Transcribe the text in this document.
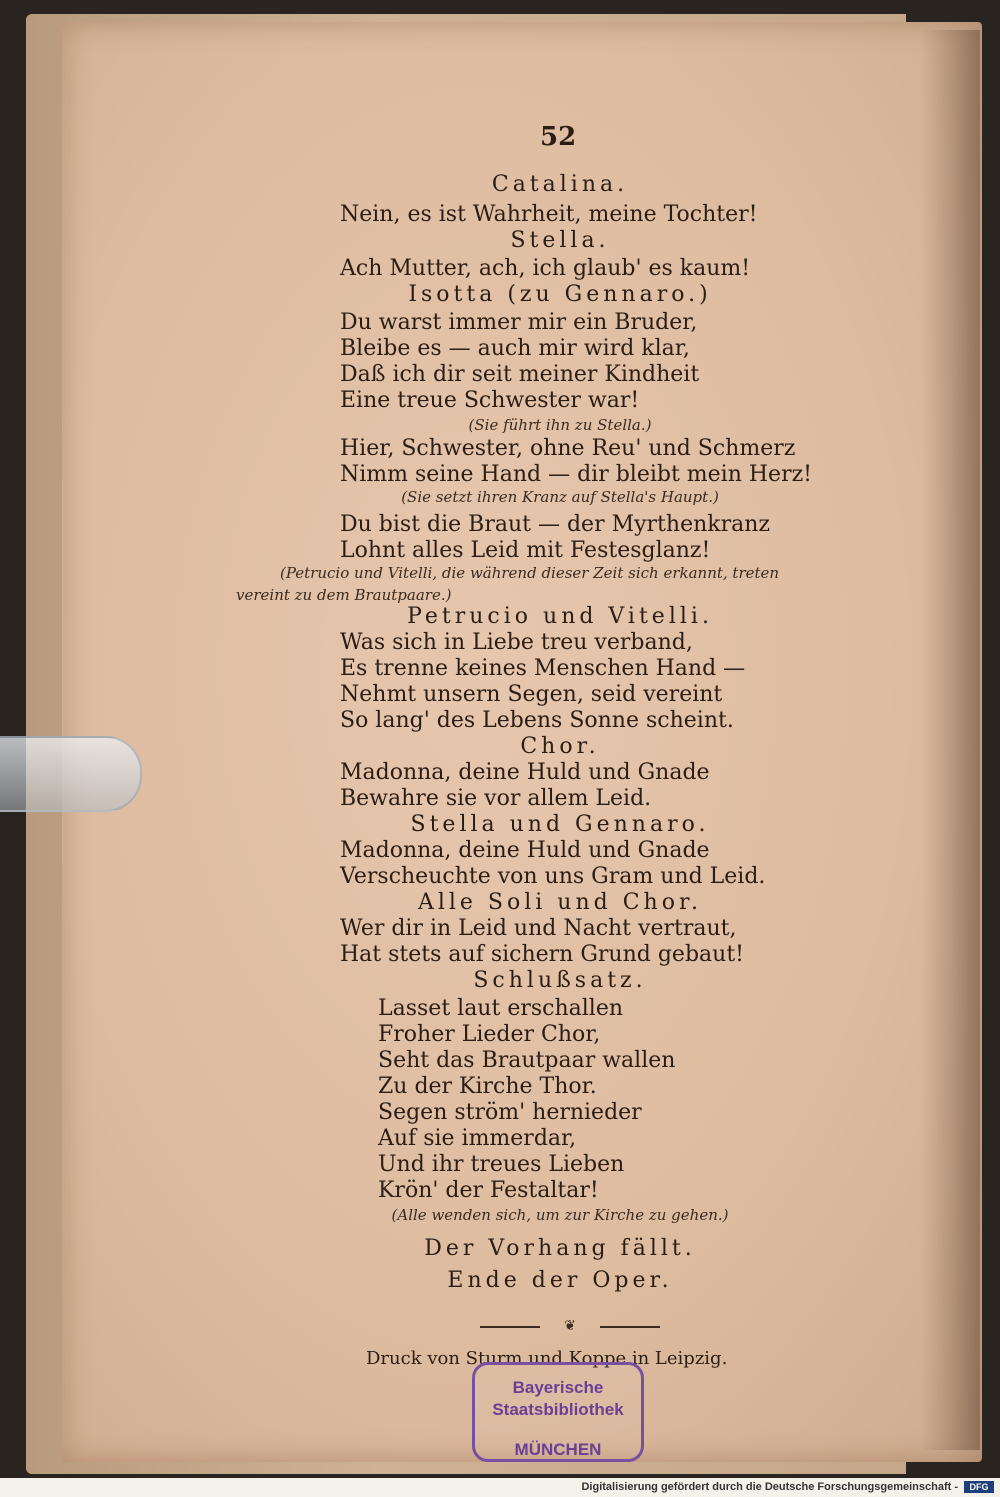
52
Catalina.
Nein, es ist Wahrheit, meine Tochter!
Stella.
Ach Mutter, ach, ich glaub' es kaum!
Isotta (zu Gennaro.)
Du warst immer mir ein Bruder,
Bleibe es — auch mir wird klar,
Daß ich dir seit meiner Kindheit
Eine treue Schwester war!
(Sie führt ihn zu Stella.)
Hier, Schwester, ohne Reu' und Schmerz
Nimm seine Hand — dir bleibt mein Herz!
(Sie setzt ihren Kranz auf Stella's Haupt.)
Du bist die Braut — der Myrthenkranz
Lohnt alles Leid mit Festesglanz!
(Petrucio und Vitelli, die während dieser Zeit sich erkannt, treten
vereint zu dem Brautpaare.)
Petrucio und Vitelli.
Was sich in Liebe treu verband,
Es trenne keines Menschen Hand —
Nehmt unsern Segen, seid vereint
So lang' des Lebens Sonne scheint.
Chor.
Madonna, deine Huld und Gnade
Bewahre sie vor allem Leid.
Stella und Gennaro.
Madonna, deine Huld und Gnade
Verscheuchte von uns Gram und Leid.
Alle Soli und Chor.
Wer dir in Leid und Nacht vertraut,
Hat stets auf sichern Grund gebaut!
Schlußsatz.
Lasset laut erschallen
Froher Lieder Chor,
Seht das Brautpaar wallen
Zu der Kirche Thor.
Segen ström' hernieder
Auf sie immerdar,
Und ihr treues Lieben
Krön' der Festaltar!
(Alle wenden sich, um zur Kirche zu gehen.)
Der Vorhang fällt.
Ende der Oper.
❦
Druck von Sturm und Koppe in Leipzig.
Bayerische
Staatsbibliothek
MÜNCHEN
Digitalisierung gefördert durch die Deutsche Forschungsgemeinschaft -	DFG
